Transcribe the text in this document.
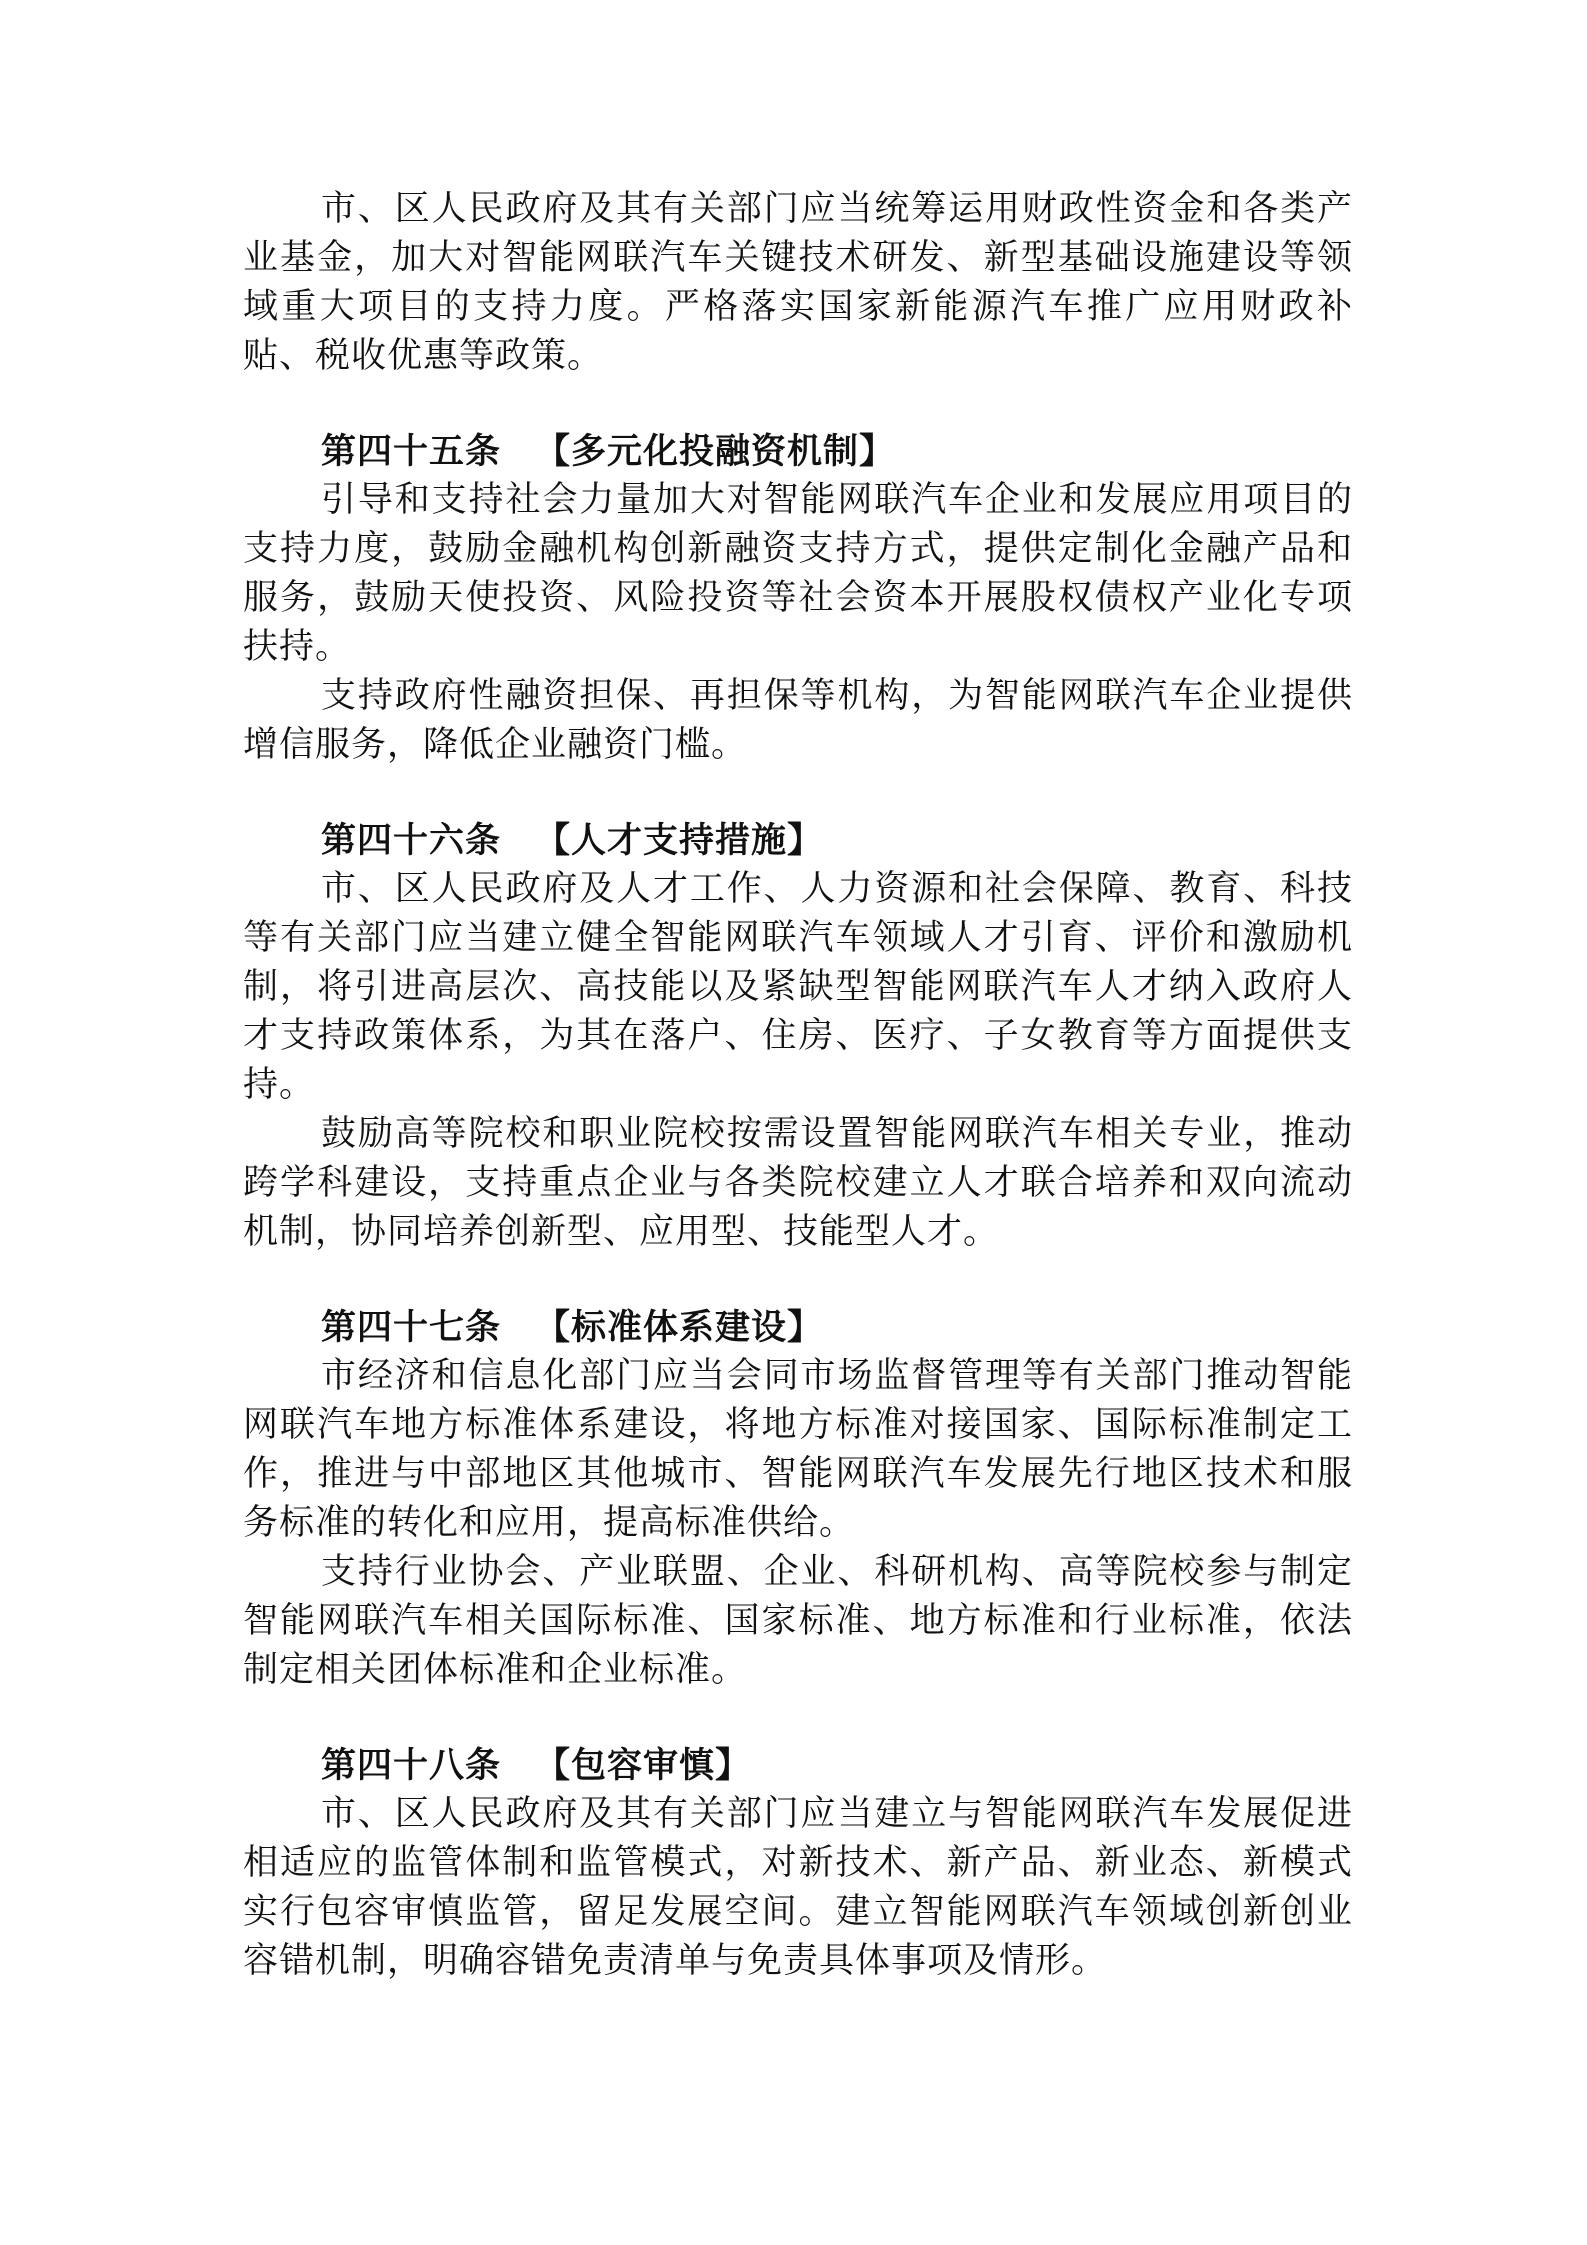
市、区人民政府及其有关部门应当统筹运用财政性资金和各类产业基金，加大对智能网联汽车关键技术研发、新型基础设施建设等领域重大项目的支持力度。严格落实国家新能源汽车推广应用财政补贴、税收优惠等政策。

第四十五条 【多元化投融资机制】

引导和支持社会力量加大对智能网联汽车企业和发展应用项目的支持力度，鼓励金融机构创新融资支持方式，提供定制化金融产品和服务，鼓励天使投资、风险投资等社会资本开展股权债权产业化专项扶持。

支持政府性融资担保、再担保等机构，为智能网联汽车企业提供增信服务，降低企业融资门槛。

第四十六条 【人才支持措施】

市、区人民政府及人才工作、人力资源和社会保障、教育、科技等有关部门应当建立健全智能网联汽车领域人才引育、评价和激励机制，将引进高层次、高技能以及紧缺型智能网联汽车人才纳入政府人才支持政策体系，为其在落户、住房、医疗、子女教育等方面提供支持。

鼓励高等院校和职业院校按需设置智能网联汽车相关专业，推动跨学科建设，支持重点企业与各类院校建立人才联合培养和双向流动机制，协同培养创新型、应用型、技能型人才。

第四十七条 【标准体系建设】

市经济和信息化部门应当会同市场监督管理等有关部门推动智能网联汽车地方标准体系建设，将地方标准对接国家、国际标准制定工作，推进与中部地区其他城市、智能网联汽车发展先行地区技术和服务标准的转化和应用，提高标准供给。

支持行业协会、产业联盟、企业、科研机构、高等院校参与制定智能网联汽车相关国际标准、国家标准、地方标准和行业标准，依法制定相关团体标准和企业标准。

第四十八条 【包容审慎】

市、区人民政府及其有关部门应当建立与智能网联汽车发展促进相适应的监管体制和监管模式，对新技术、新产品、新业态、新模式实行包容审慎监管，留足发展空间。建立智能网联汽车领域创新创业容错机制，明确容错免责清单与免责具体事项及情形。
